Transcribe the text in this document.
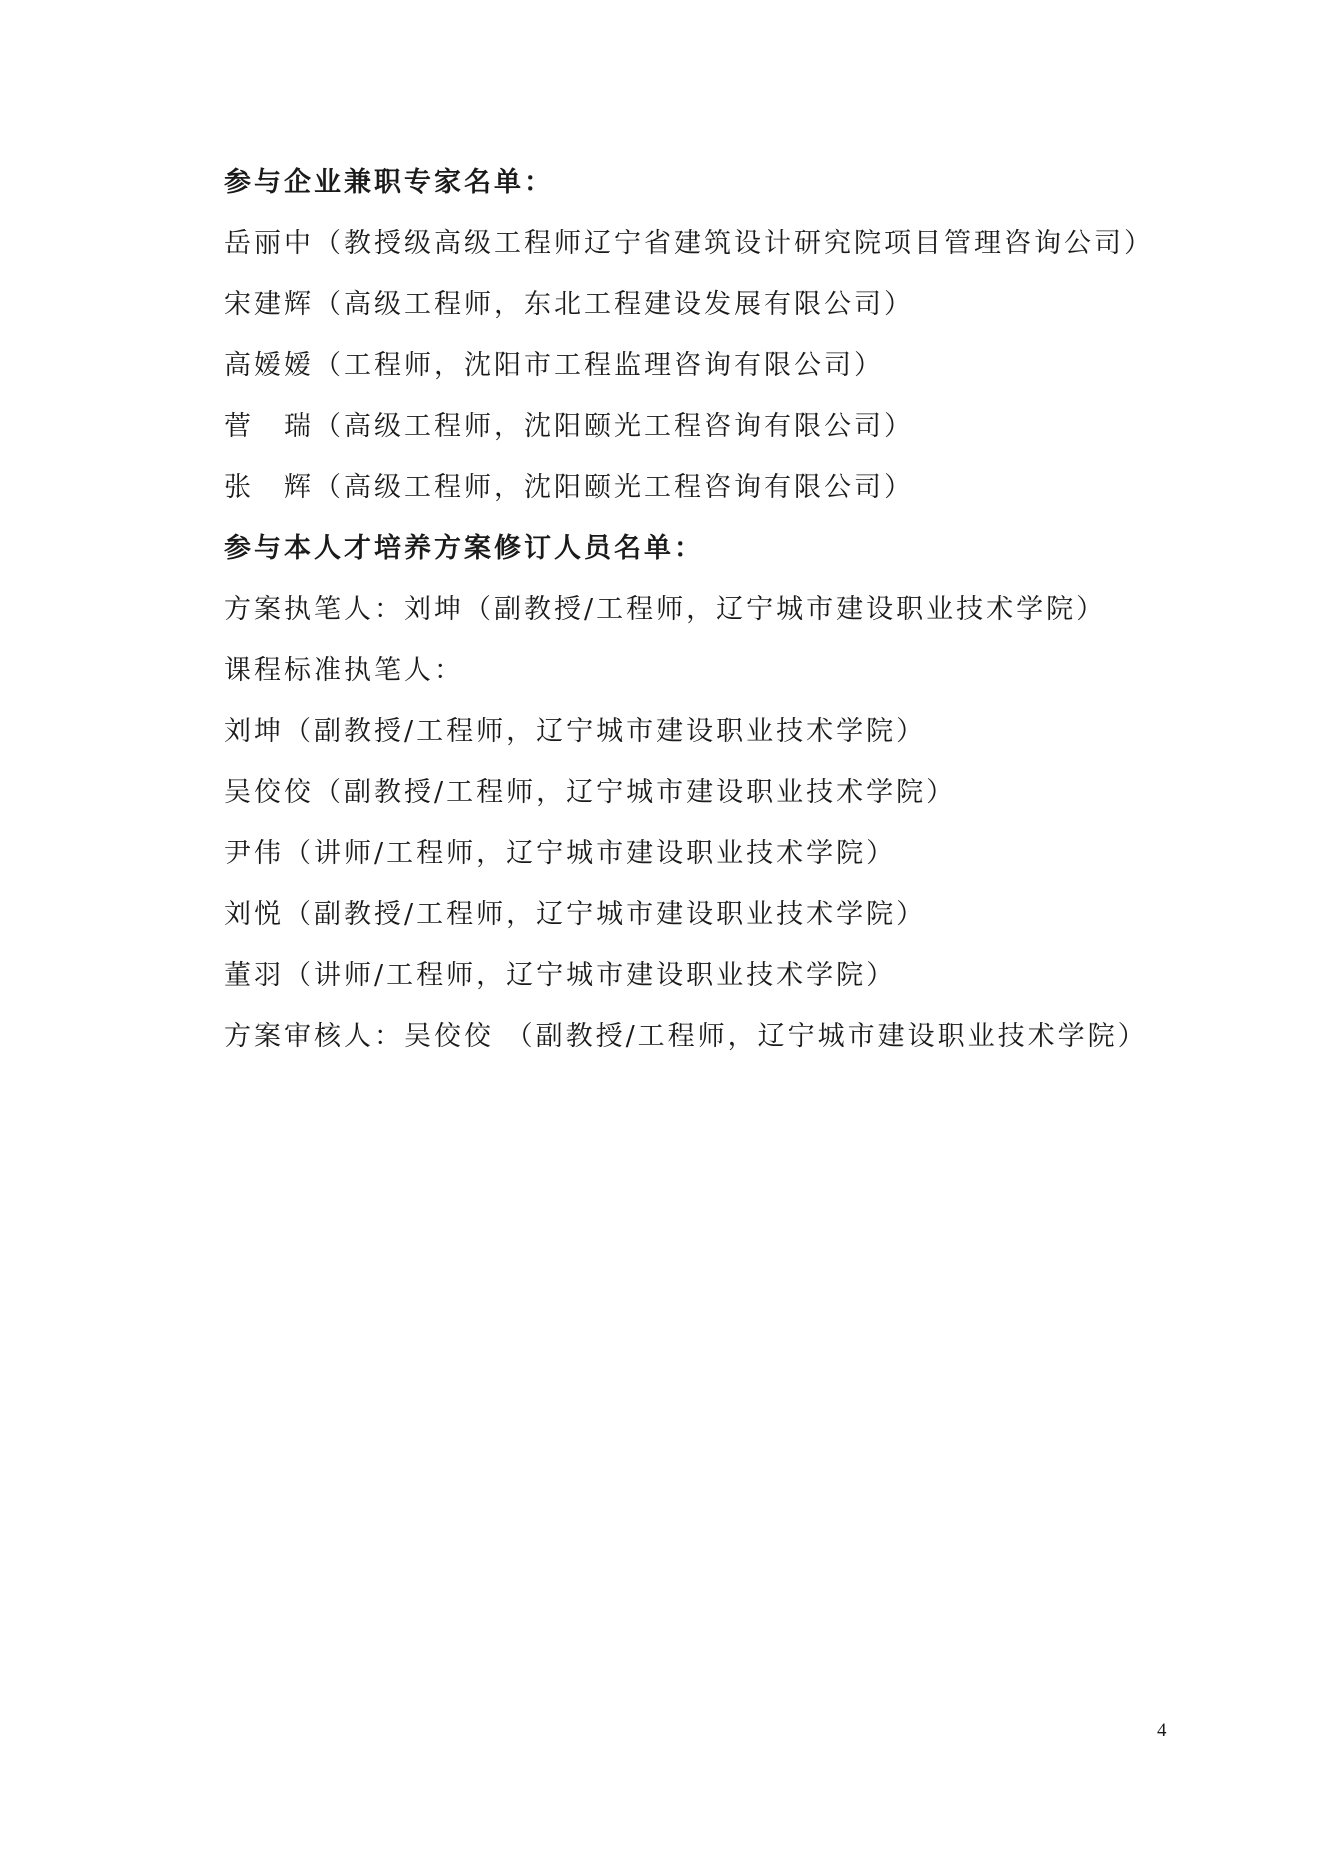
参与企业兼职专家名单：
岳丽中（教授级高级工程师辽宁省建筑设计研究院项目管理咨询公司）
宋建辉（高级工程师，东北工程建设发展有限公司）
高嫒嫒（工程师，沈阳市工程监理咨询有限公司）
菅　瑞（高级工程师，沈阳颐光工程咨询有限公司）
张　辉（高级工程师，沈阳颐光工程咨询有限公司）
参与本人才培养方案修订人员名单：
方案执笔人：刘坤（副教授/工程师，辽宁城市建设职业技术学院）
课程标准执笔人：
刘坤（副教授/工程师，辽宁城市建设职业技术学院）
吴佼佼（副教授/工程师，辽宁城市建设职业技术学院）
尹伟（讲师/工程师，辽宁城市建设职业技术学院）
刘悦（副教授/工程师，辽宁城市建设职业技术学院）
董羽（讲师/工程师，辽宁城市建设职业技术学院）
方案审核人：吴佼佼 （副教授/工程师，辽宁城市建设职业技术学院）
4
